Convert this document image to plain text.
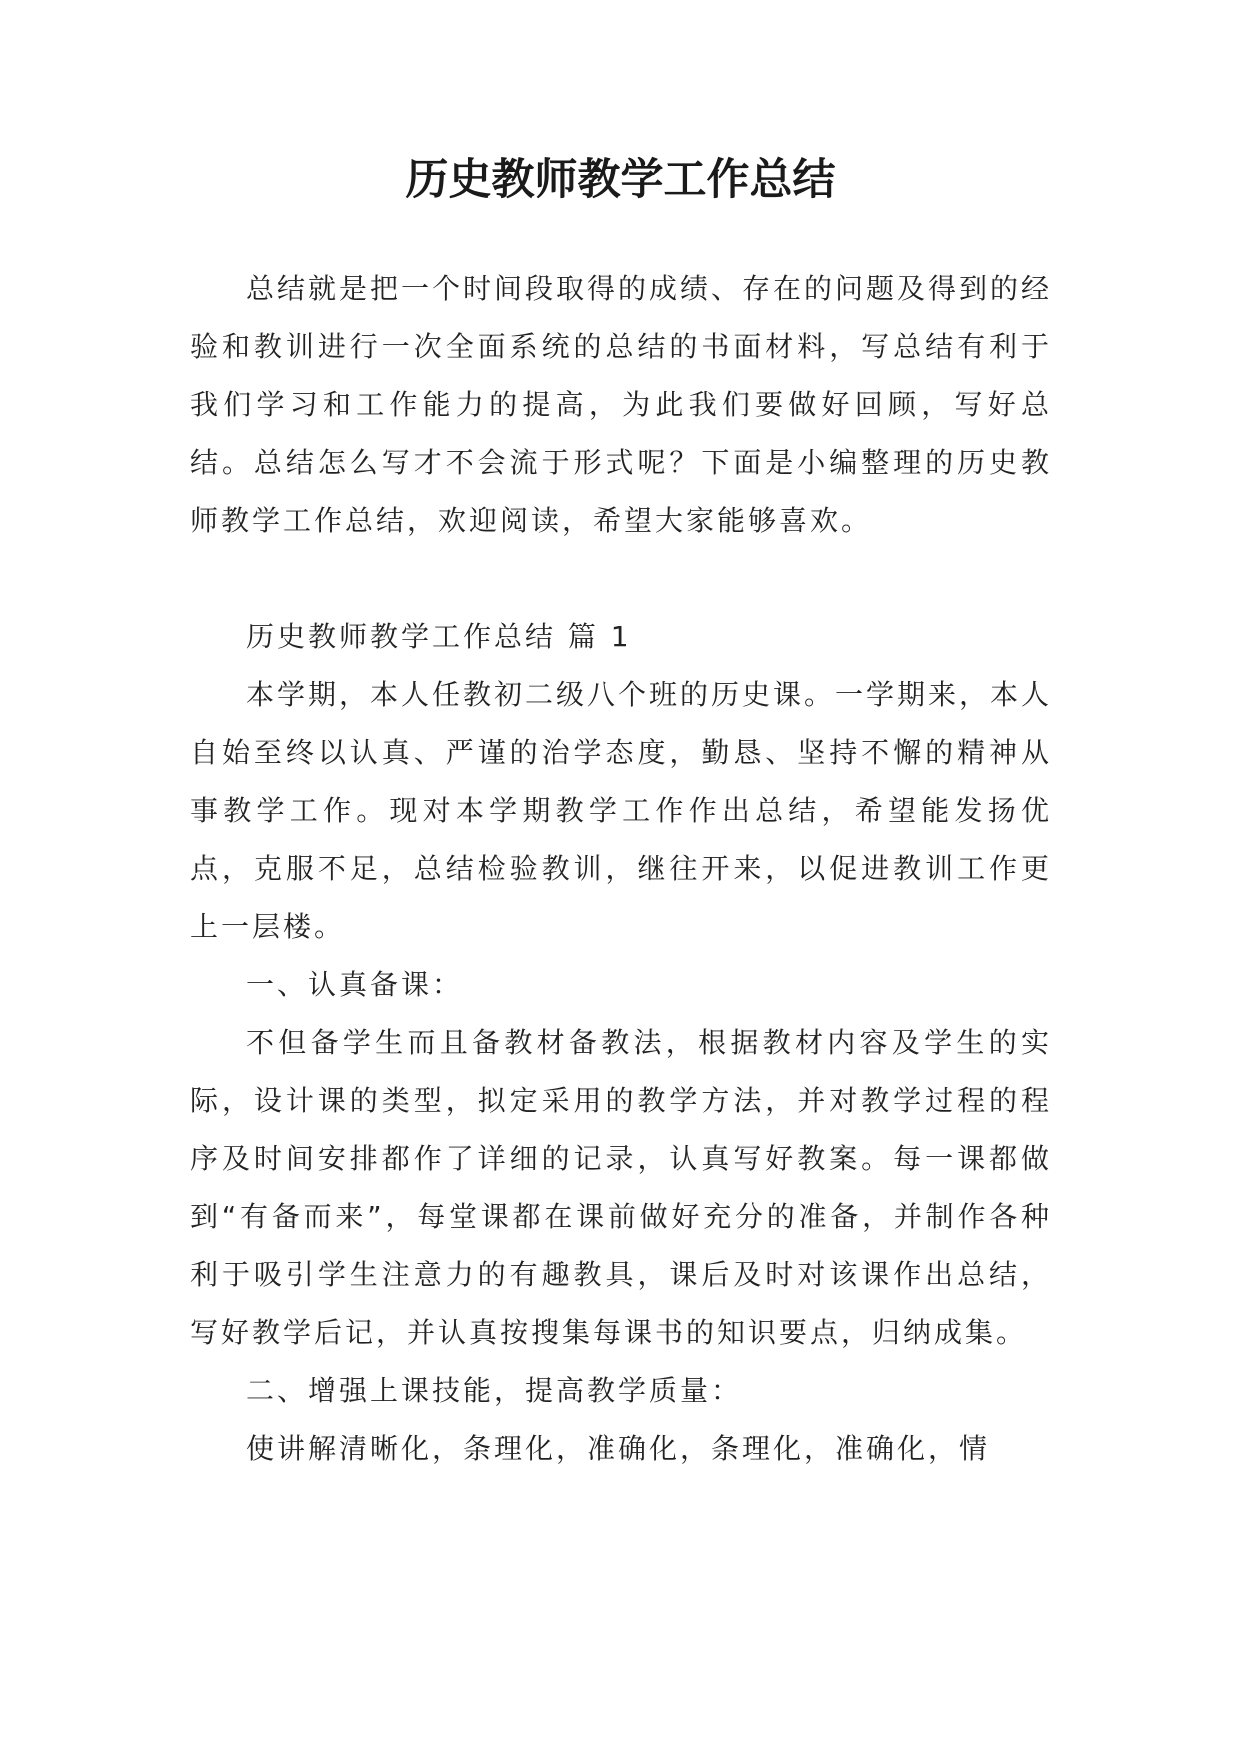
历史教师教学工作总结

总结就是把一个时间段取得的成绩、存在的问题及得到的经验和教训进行一次全面系统的总结的书面材料，写总结有利于我们学习和工作能力的提高，为此我们要做好回顾，写好总结。总结怎么写才不会流于形式呢？下面是小编整理的历史教师教学工作总结，欢迎阅读，希望大家能够喜欢。

历史教师教学工作总结 篇 1

本学期，本人任教初二级八个班的历史课。一学期来，本人自始至终以认真、严谨的治学态度，勤恳、坚持不懈的精神从事教学工作。现对本学期教学工作作出总结，希望能发扬优点，克服不足，总结检验教训，继往开来，以促进教训工作更上一层楼。

一、认真备课：

不但备学生而且备教材备教法，根据教材内容及学生的实际，设计课的类型，拟定采用的教学方法，并对教学过程的程序及时间安排都作了详细的记录，认真写好教案。每一课都做到“有备而来”，每堂课都在课前做好充分的准备，并制作各种利于吸引学生注意力的有趣教具，课后及时对该课作出总结，写好教学后记，并认真按搜集每课书的知识要点，归纳成集。

二、增强上课技能，提高教学质量：

使讲解清晰化，条理化，准确化，条理化，准确化，情
